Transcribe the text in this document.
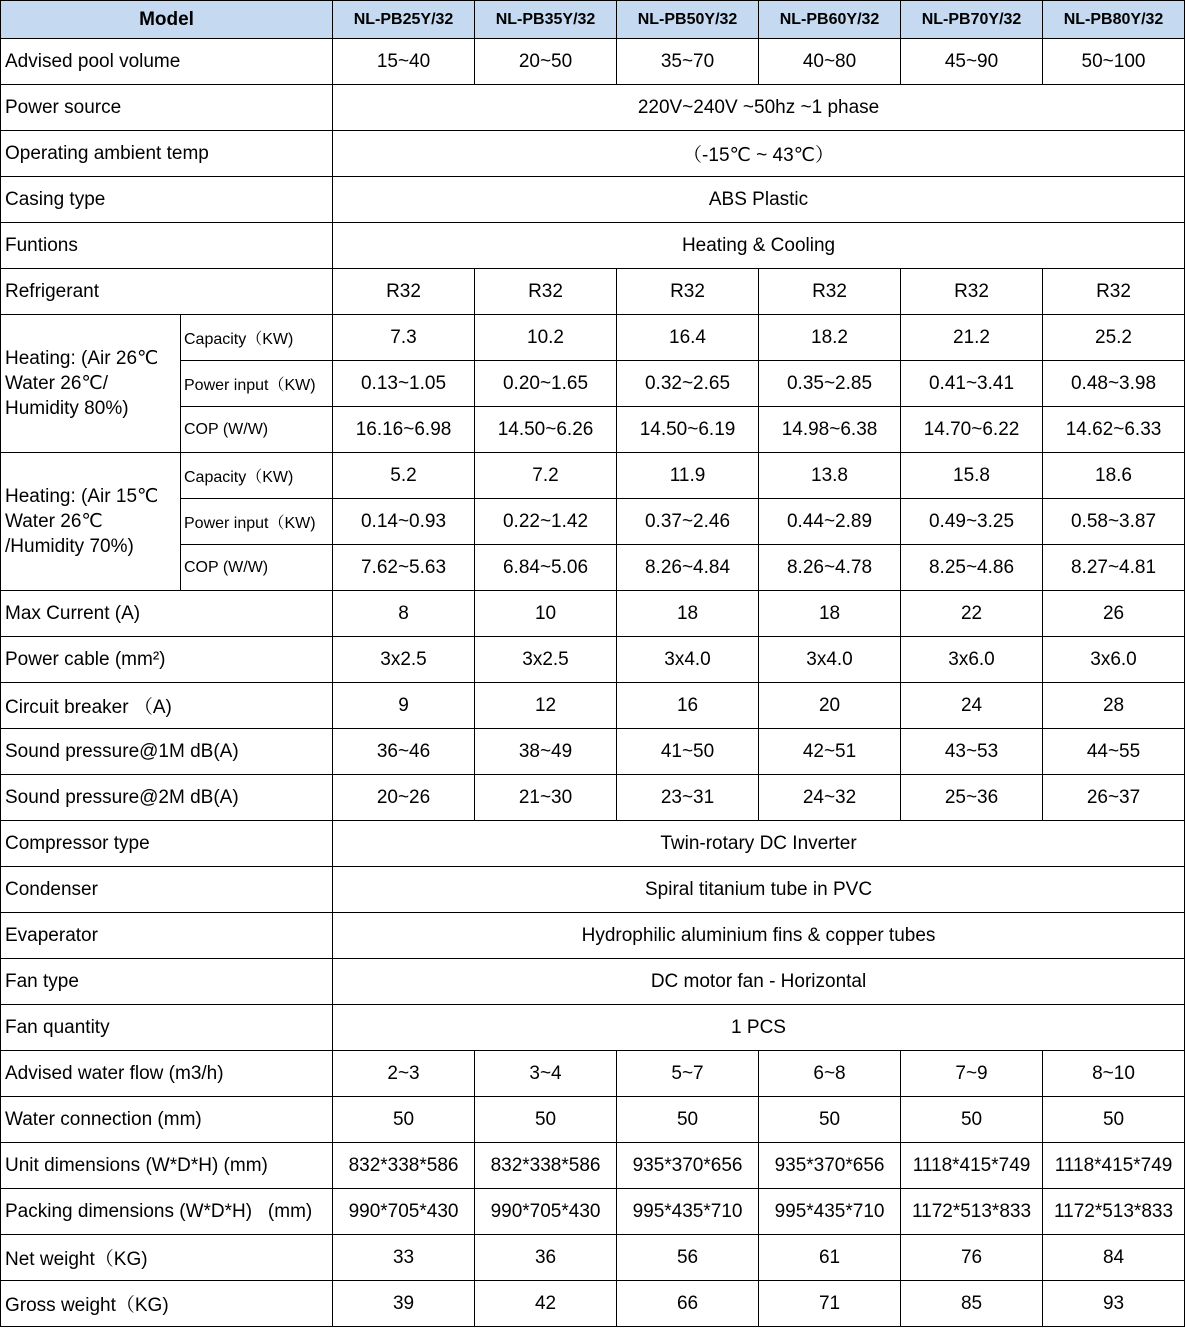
Model		NL-PB25Y/32	NL-PB35Y/32	NL-PB50Y/32	NL-PB60Y/32	NL-PB70Y/32	NL-PB80Y/32
Advised pool volume		15~40	20~50	35~70	40~80	45~90	50~100
Power source		220V~240V ~50hz ~1 phase					
Operating ambient temp		（-15℃ ~ 43℃）					
Casing type		ABS Plastic					
Funtions		Heating & Cooling					
Refrigerant		R32	R32	R32	R32	R32	R32
Heating: (Air 26℃
Water 26℃/
Humidity 80%)	Capacity（KW)	7.3	10.2	16.4	18.2	21.2	25.2
	Power input（KW)	0.13~1.05	0.20~1.65	0.32~2.65	0.35~2.85	0.41~3.41	0.48~3.98
	COP (W/W)	16.16~6.98	14.50~6.26	14.50~6.19	14.98~6.38	14.70~6.22	14.62~6.33
Heating: (Air 15℃
Water 26℃
/Humidity 70%)	Capacity（KW)	5.2	7.2	11.9	13.8	15.8	18.6
	Power input（KW)	0.14~0.93	0.22~1.42	0.37~2.46	0.44~2.89	0.49~3.25	0.58~3.87
	COP (W/W)	7.62~5.63	6.84~5.06	8.26~4.84	8.26~4.78	8.25~4.86	8.27~4.81
Max Current (A)		8	10	18	18	22	26
Power cable (mm²)		3x2.5	3x2.5	3x4.0	3x4.0	3x6.0	3x6.0
Circuit breaker （A)		9	12	16	20	24	28
Sound pressure@1M dB(A)		36~46	38~49	41~50	42~51	43~53	44~55
Sound pressure@2M dB(A)		20~26	21~30	23~31	24~32	25~36	26~37
Compressor type		Twin-rotary DC Inverter					
Condenser		Spiral titanium tube in PVC					
Evaperator		Hydrophilic aluminium fins & copper tubes					
Fan type		DC motor fan - Horizontal					
Fan quantity		1 PCS					
Advised water flow (m3/h)		2~3	3~4	5~7	6~8	7~9	8~10
Water connection (mm)		50	50	50	50	50	50
Unit dimensions (W*D*H) (mm)		832*338*586	832*338*586	935*370*656	935*370*656	1118*415*749	1118*415*749
Packing dimensions (W*D*H)   (mm)		990*705*430	990*705*430	995*435*710	995*435*710	1172*513*833	1172*513*833
Net weight（KG)		33	36	56	61	76	84
Gross weight（KG)		39	42	66	71	85	93
